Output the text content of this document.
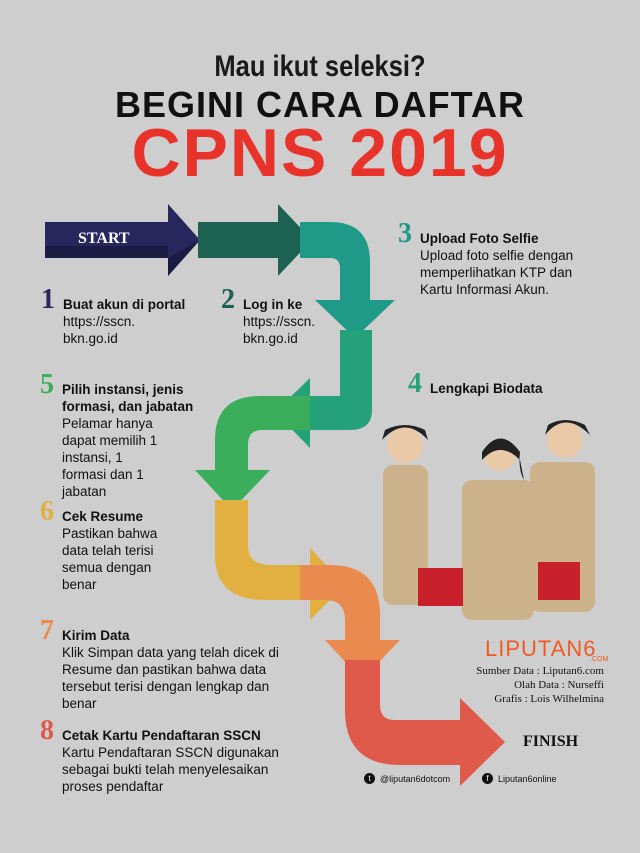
Mau ikut seleksi?
BEGINI CARA DAFTAR
CPNS 2019
START
FINISH
1 Buat akun di portal
https://sscn. bkn.go.id
2 Log in ke
https://sscn. bkn.go.id
3 Upload Foto Selfie
Upload foto selfie dengan memperlihatkan KTP dan Kartu Informasi Akun.
4 Lengkapi Biodata
5 Pilih instansi, jenis formasi, dan jabatan
Pelamar hanya dapat memilih 1 instansi, 1 formasi dan 1 jabatan
6 Cek Resume
Pastikan bahwa data telah terisi semua dengan benar
7 Kirim Data
Klik Simpan data yang telah dicek di Resume dan pastikan bahwa data tersebut terisi dengan lengkap dan benar
8 Cetak Kartu Pendaftaran SSCN
Kartu Pendaftaran SSCN digunakan sebagai bukti telah menyelesaikan proses pendaftar
LIPUTAN6
.COM
Sumber Data : Liputan6.com
Olah Data : Nurseffi
Grafis : Lois Wilhelmina
t	@liputan6dotcom	f	Liputan6online
